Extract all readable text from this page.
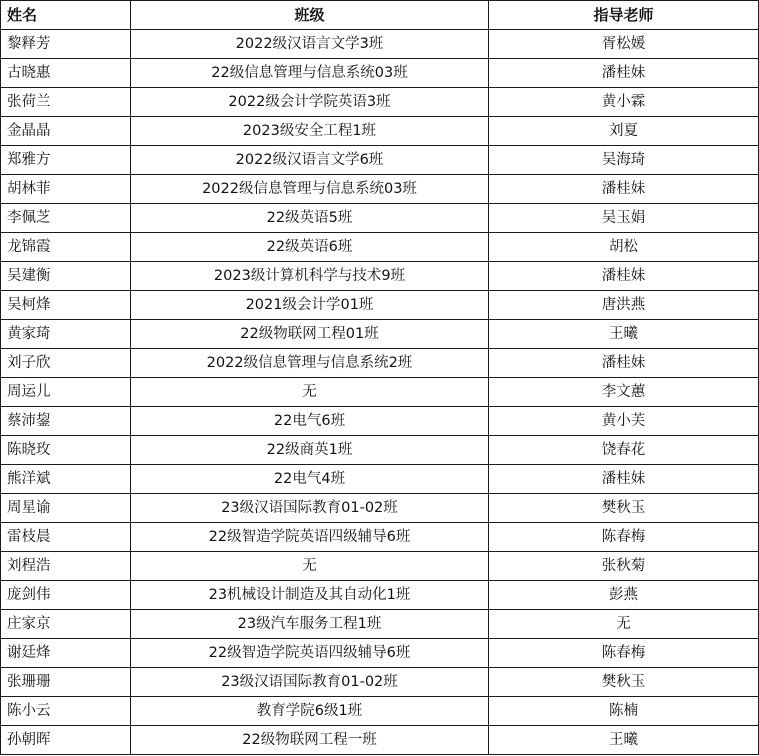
姓名	班级	指导老师
黎释芳	2022级汉语言文学3班	胥松媛
古晓惠	22级信息管理与信息系统03班	潘桂妹
张荷兰	2022级会计学院英语3班	黄小霖
金晶晶	2023级安全工程1班	刘夏
郑雅方	2022级汉语言文学6班	吴海琦
胡林菲	2022级信息管理与信息系统03班	潘桂妹
李佩芝	22级英语5班	吴玉娟
龙锦霞	22级英语6班	胡松
吴建衡	2023级计算机科学与技术9班	潘桂妹
吴柯烽	2021级会计学01班	唐洪燕
黄家琦	22级物联网工程01班	王曦
刘子欣	2022级信息管理与信息系统2班	潘桂妹
周运儿	无	李文蕙
蔡沛鋆	22电气6班	黄小芙
陈晓玫	22级商英1班	饶春花
熊洋斌	22电气4班	潘桂妹
周星谕	23级汉语国际教育01-02班	樊秋玉
雷枝晨	22级智造学院英语四级辅导6班	陈春梅
刘程浩	无	张秋菊
庞剑伟	23机械设计制造及其自动化1班	彭燕
庄家京	23级汽车服务工程1班	无
谢廷烽	22级智造学院英语四级辅导6班	陈春梅
张珊珊	23级汉语国际教育01-02班	樊秋玉
陈小云	教育学院6级1班	陈楠
孙朝晖	22级物联网工程一班	王曦
